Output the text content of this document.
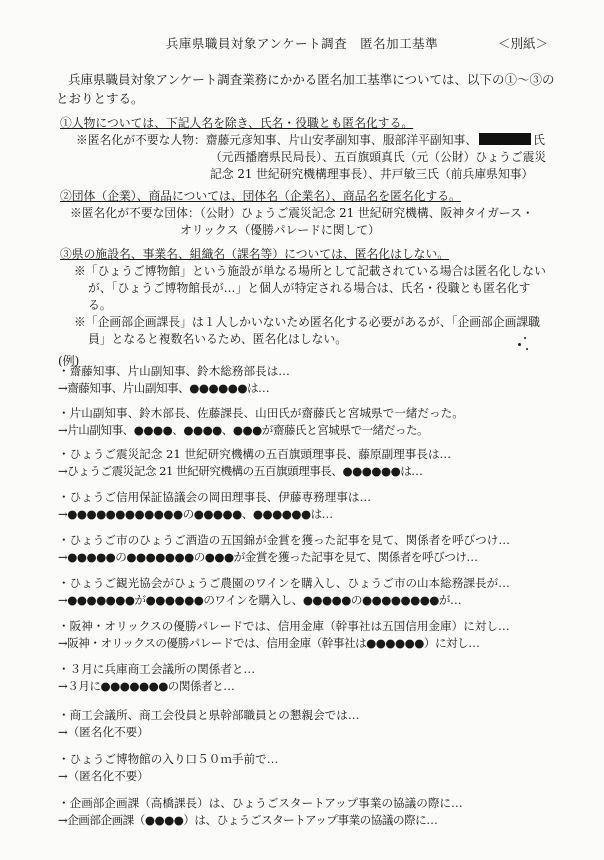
兵庫県職員対象アンケート調査　匿名加工基準	＜別紙＞
兵庫県職員対象アンケート調査業務にかかる匿名加工基準については、以下の①～③のとおりとする。
①人物については、下記人名を除き、氏名・役職とも匿名化する。
※匿名化が不要な人物：齋藤元彦知事、片山安孝副知事、服部洋平副知事、	氏
（元西播磨県民局長）、五百旗頭真氏（元（公財）ひょうご震災記念 21 世紀研究機構理事長）、井戸敏三氏（前兵庫県知事）
②団体（企業）、商品については、団体名（企業名）、商品名を匿名化する。
※匿名化が不要な団体：（公財）ひょうご震災記念 21 世紀研究機構、阪神タイガース・オリックス（優勝パレードに関して）
③県の施設名、事業名、組織名（課名等）については、匿名化はしない。
※「ひょうご博物館」という施設が単なる場所として記載されている場合は匿名化しないが、「ひょうご博物館長が…」と個人が特定される場合は、氏名・役職とも匿名化する。
※「企画部企画課長」は１人しかいないため匿名化する必要があるが、「企画部企画課職員」となると複数名いるため、匿名化はしない。
(例)
・齋藤知事、片山副知事、鈴木総務部長は…
→齋藤知事、片山副知事、●●●●●●は…
・片山副知事、鈴木部長、佐藤課長、山田氏が齋藤氏と宮城県で一緒だった。
→片山副知事、●●●●、●●●●、●●●が齋藤氏と宮城県で一緒だった。
・ひょうご震災記念 21 世紀研究機構の五百旗頭理事長、藤原副理事長は…
→ひょうご震災記念 21 世紀研究機構の五百旗頭理事長、●●●●●●は…
・ひょうご信用保証協議会の岡田理事長、伊藤専務理事は…
→●●●●●●●●●●●●の●●●●●、●●●●●●は…
・ひょうご市のひょうご酒造の五国錦が金賞を獲った記事を見て、関係者を呼びつけ…
→●●●●●の●●●●●●●の●●●が金賞を獲った記事を見て、関係者を呼びつけ…
・ひょうご観光協会がひょうご農園のワインを購入し、ひょうご市の山本総務課長が…
→●●●●●●●が●●●●●●のワインを購入し、●●●●●の●●●●●●●●が…
・阪神・オリックスの優勝パレードでは、信用金庫（幹事社は五国信用金庫）に対し…
→阪神・オリックスの優勝パレードでは、信用金庫（幹事社は●●●●●●）に対し…
・３月に兵庫商工会議所の関係者と…
→３月に●●●●●●●の関係者と…
・商工会議所、商工会役員と県幹部職員との懇親会では…
→（匿名化不要）
・ひょうご博物館の入り口５０ｍ手前で…
→（匿名化不要）
・企画部企画課（高橋課長）は、ひょうごスタートアップ事業の協議の際に…
→企画部企画課（●●●●）は、ひょうごスタートアップ事業の協議の際に…
